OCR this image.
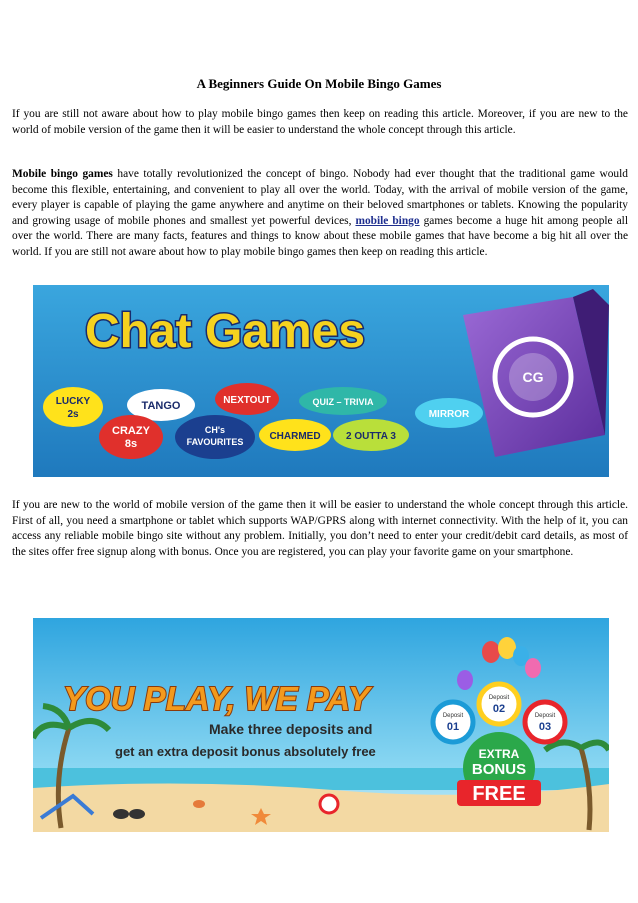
A Beginners Guide On Mobile Bingo Games

If you are still not aware about how to play mobile bingo games then keep on reading this article. Moreover, if you are new to the world of mobile version of the game then it will be easier to understand the whole concept through this article.

Mobile bingo games have totally revolutionized the concept of bingo. Nobody had ever thought that the traditional game would become this flexible, entertaining, and convenient to play all over the world. Today, with the arrival of mobile version of the game, every player is capable of playing the game anywhere and anytime on their beloved smartphones or tablets. Knowing the popularity and growing usage of mobile phones and smallest yet powerful devices, mobile bingo games become a huge hit among people all over the world. There are many facts, features and things to know about these mobile games that have become a big hit all over the world. If you are still not aware about how to play mobile bingo games then keep on reading this article.

Chat Games
CG
LUCKY
2s
TANGO	NEXTOUT	QUIZ – TRIVIA
MIRROR
CRAZY
8s
CH's
FAVOURITES	CHARMED	2 OUTTA 3

If you are new to the world of mobile version of the game then it will be easier to understand the whole concept through this article. First of all, you need a smartphone or tablet which supports WAP/GPRS along with internet connectivity. With the help of it, you can access any reliable mobile bingo site without any problem. Initially, you don’t need to enter your credit/debit card details, as most of the sites offer free signup along with bonus. Once you are registered, you can play your favorite game on your smartphone.

YOU PLAY, WE PAY
Make three deposits and
get an extra deposit bonus absolutely free
Deposit
01
Deposit
02
Deposit
03
EXTRA
BONUS
FREE
